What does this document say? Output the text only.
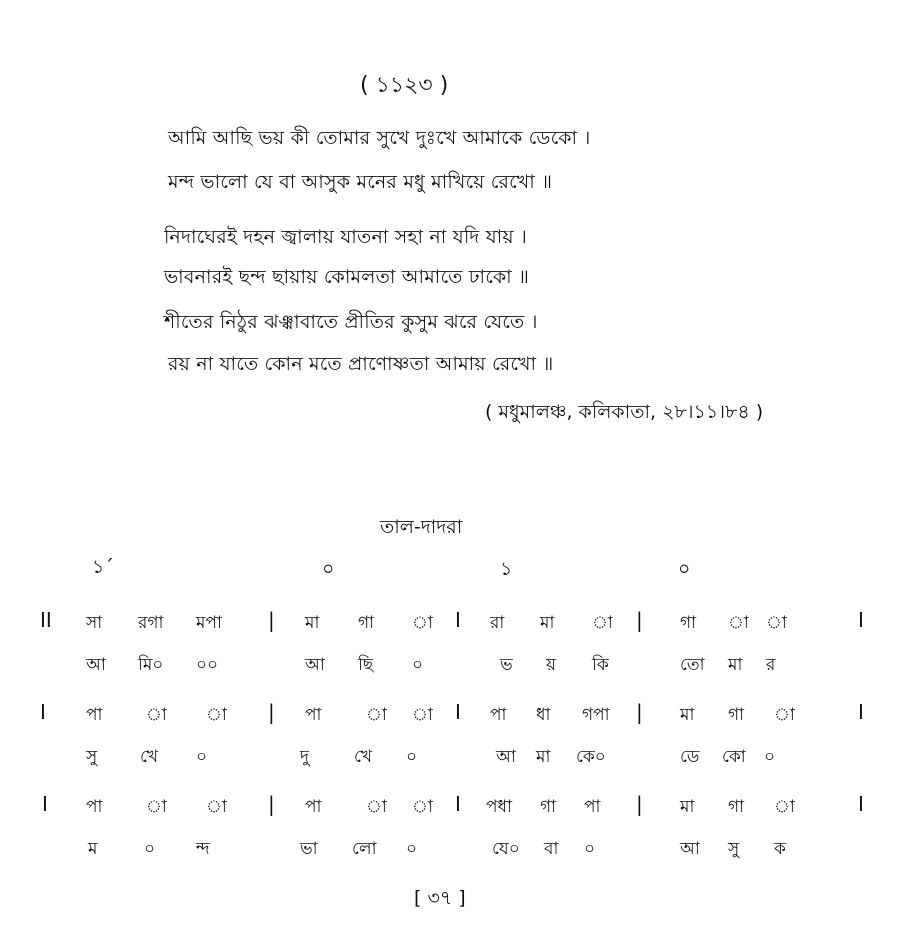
( ১১২৩ )
আমি আছি ভয় কী তোমার সুখে দুঃখে আমাকে ডেকো ।
মন্দ ভালো যে বা আসুক মনের মধু মাখিয়ে রেখো ॥
নিদাঘেরই দহন জ্বালায় যাতনা সহা না যদি যায় ।
ভাবনারই ছন্দ ছায়ায় কোমলতা আমাতে ঢাকো ॥
শীতের নিঠুর ঝঞ্ঝাবাতে প্রীতির কুসুম ঝরে যেতে ।
রয় না যাতে কোন মতে প্রাণোষ্ণতা আমায় রেখো ॥
( মধুমালঞ্চ, কলিকাতা, ২৮।১১।৮৪ )
তাল-দাদরা
১´	০	১	০
II সা রগা মপা | মা গা া I রা মা া | গা া া	I
আ মি০ ০০	আ ছি ০	ভ য় কি	তো মা র
I পা	া া | পা	া া I পা ধা গপা | মা গা া	I
সু	খে ০	দু	খে ০	আ মা কে০	ডে কো ০
I পা	া া | পা	া া I পধা গা পা | মা গা া	I
ম	০ ন্দ	ভা লো ০	যে০ বা ০	আ সু ক
[ ৩৭ ]
